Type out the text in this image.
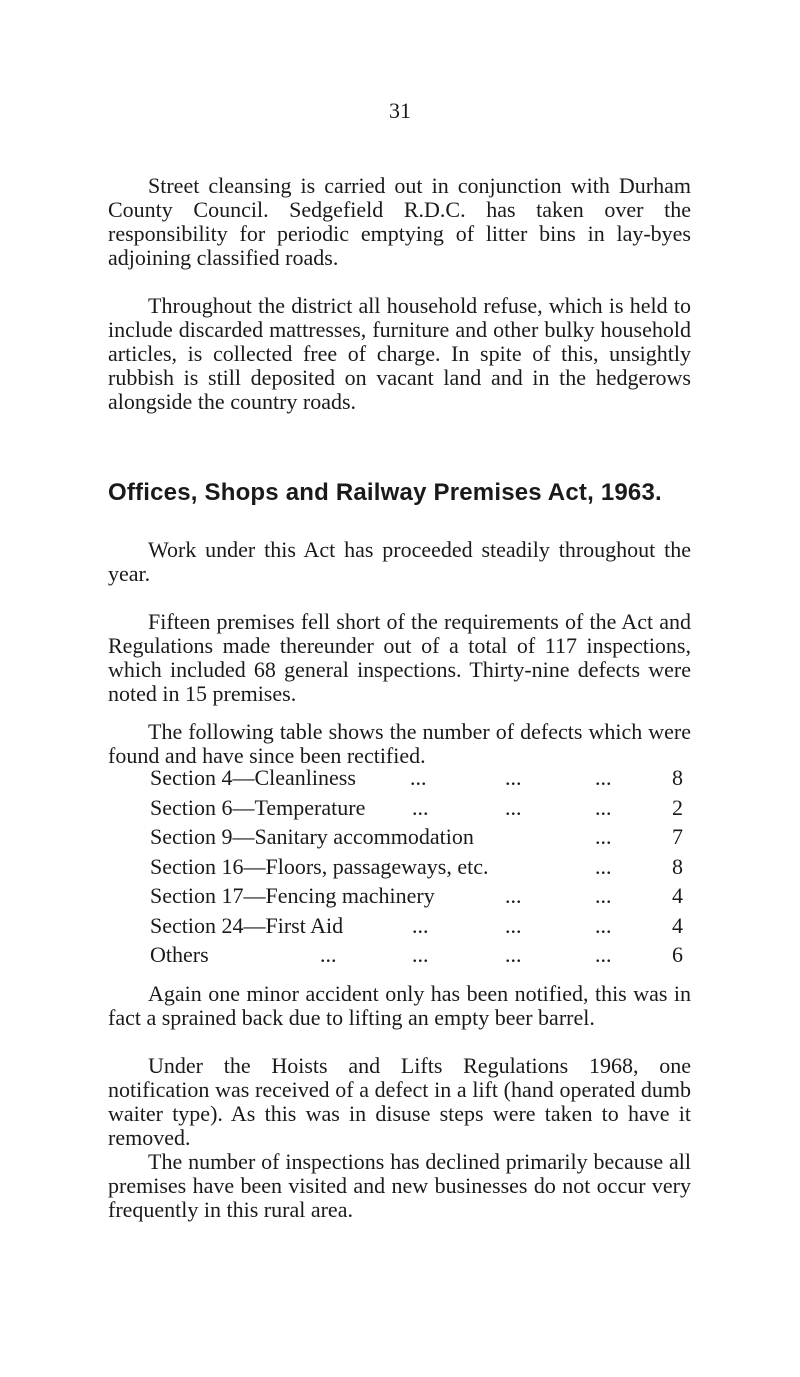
31

Street cleansing is carried out in conjunction with Durham County Council. Sedgefield R.D.C. has taken over the responsibility for periodic emptying of litter bins in lay-byes adjoining classified roads.

Throughout the district all household refuse, which is held to include discarded mattresses, furniture and other bulky household articles, is collected free of charge. In spite of this, unsightly rubbish is still deposited on vacant land and in the hedgerows alongside the country roads.

Offices, Shops and Railway Premises Act, 1963.

Work under this Act has proceeded steadily throughout the year.

Fifteen premises fell short of the requirements of the Act and Regulations made thereunder out of a total of 117 inspections, which included 68 general inspections. Thirty-nine defects were noted in 15 premises.

The following table shows the number of defects which were found and have since been rectified.

Section 4—Cleanliness ...	...	...	8
Section 6—Temperature ...	...	...	2
Section 9—Sanitary accommodation	...	7
Section 16—Floors, passageways, etc.	...	8
Section 17—Fencing machinery	...	...	4
Section 24—First Aid	...	...	...	4
Others	...	...	...	...	6

Again one minor accident only has been notified, this was in fact a sprained back due to lifting an empty beer barrel.

Under the Hoists and Lifts Regulations 1968, one notification was received of a defect in a lift (hand operated dumb waiter type). As this was in disuse steps were taken to have it removed.

The number of inspections has declined primarily because all premises have been visited and new businesses do not occur very frequently in this rural area.
